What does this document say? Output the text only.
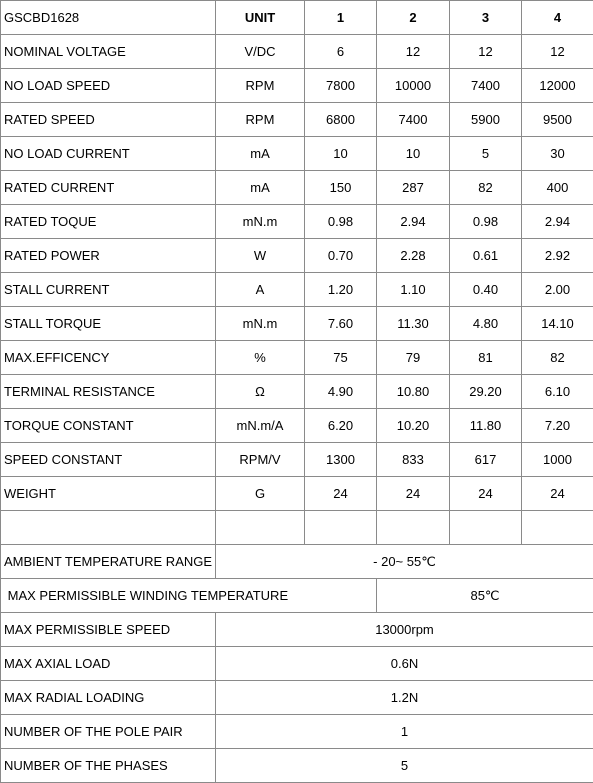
GSCBD1628	UNIT	1	2	3	4
NOMINAL VOLTAGE	V/DC	6	12	12	12
NO LOAD SPEED	RPM	7800	10000	7400	12000
RATED SPEED	RPM	6800	7400	5900	9500
NO LOAD CURRENT	mA	10	10	5	30
RATED CURRENT	mA	150	287	82	400
RATED TOQUE	mN.m	0.98	2.94	0.98	2.94
RATED POWER	W	0.70	2.28	0.61	2.92
STALL CURRENT	A	1.20	1.10	0.40	2.00
STALL TORQUE	mN.m	7.60	11.30	4.80	14.10
MAX.EFFICENCY	%	75	79	81	82
TERMINAL RESISTANCE	Ω	4.90	10.80	29.20	6.10
TORQUE CONSTANT	mN.m/A	6.20	10.20	11.80	7.20
SPEED CONSTANT	RPM/V	1300	833	617	1000
WEIGHT	G	24	24	24	24

AMBIENT TEMPERATURE RANGE	- 20~ 55℃				
MAX PERMISSIBLE WINDING TEMPERATURE			85℃		
MAX PERMISSIBLE SPEED	13000rpm				
MAX AXIAL LOAD	0.6N				
MAX RADIAL LOADING	1.2N				
NUMBER OF THE POLE PAIR	1				
NUMBER OF THE PHASES	5				
